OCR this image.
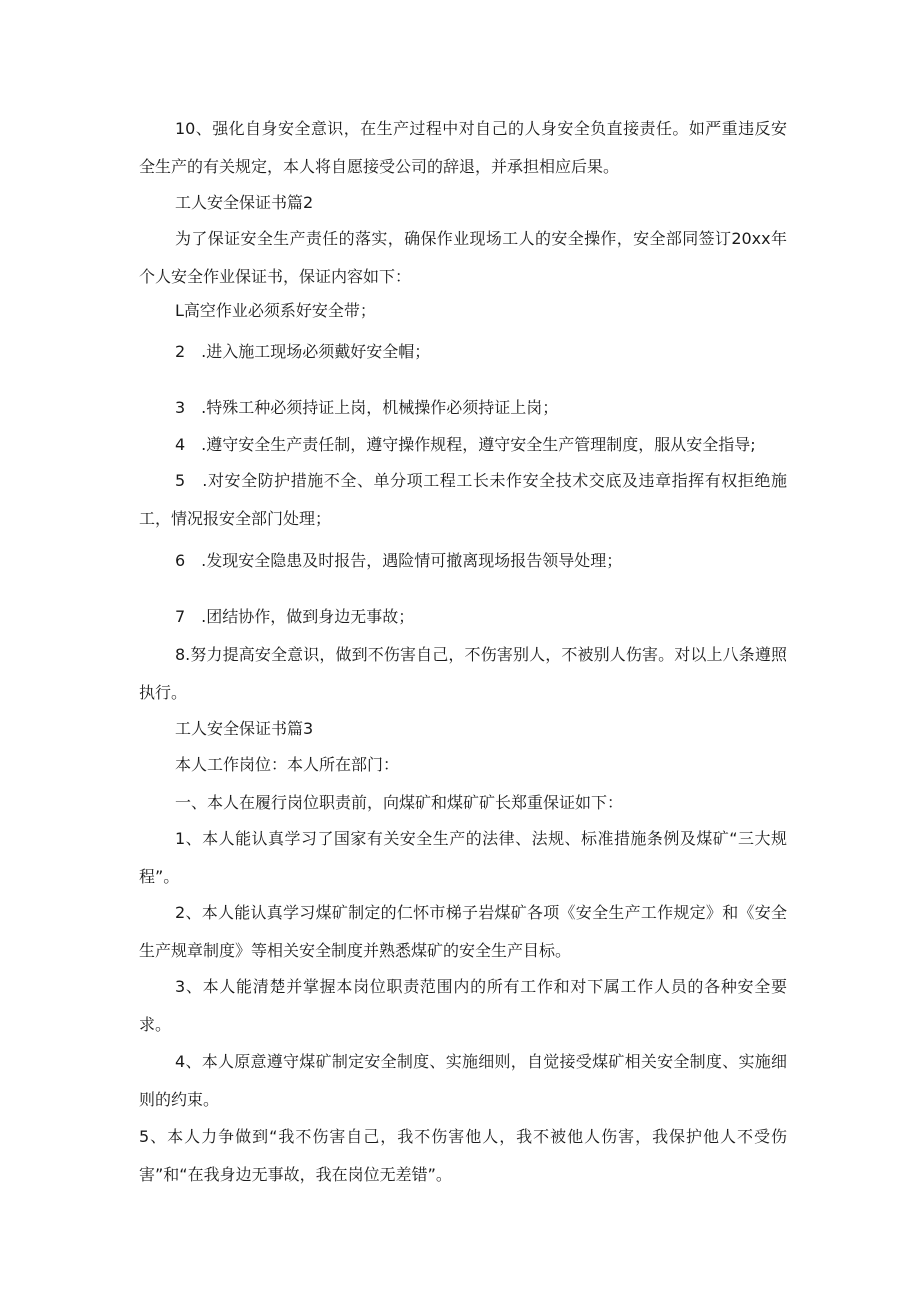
10、强化自身安全意识，在生产过程中对自己的人身安全负直接责任。如严重违反安全生产的有关规定，本人将自愿接受公司的辞退，并承担相应后果。

工人安全保证书篇2

为了保证安全生产责任的落实，确保作业现场工人的安全操作，安全部同签订20xx年个人安全作业保证书，保证内容如下：

L高空作业必须系好安全带；

2　.进入施工现场必须戴好安全帽；

3　.特殊工种必须持证上岗，机械操作必须持证上岗；

4　.遵守安全生产责任制，遵守操作规程，遵守安全生产管理制度，服从安全指导;

5　.对安全防护措施不全、单分项工程工长未作安全技术交底及违章指挥有权拒绝施工，情况报安全部门处理；

6　.发现安全隐患及时报告，遇险情可撤离现场报告领导处理；

7　.团结协作，做到身边无事故；

8.努力提高安全意识，做到不伤害自己，不伤害别人，不被别人伤害。对以上八条遵照执行。

工人安全保证书篇3

本人工作岗位：本人所在部门：

一、本人在履行岗位职责前，向煤矿和煤矿矿长郑重保证如下：

1、本人能认真学习了国家有关安全生产的法律、法规、标准措施条例及煤矿“三大规程”。

2、本人能认真学习煤矿制定的仁怀市梯子岩煤矿各项《安全生产工作规定》和《安全生产规章制度》等相关安全制度并熟悉煤矿的安全生产目标。

3、本人能清楚并掌握本岗位职责范围内的所有工作和对下属工作人员的各种安全要求。

4、本人原意遵守煤矿制定安全制度、实施细则，自觉接受煤矿相关安全制度、实施细则的约束。

5、本人力争做到“我不伤害自己，我不伤害他人，我不被他人伤害，我保护他人不受伤害”和“在我身边无事故，我在岗位无差错”。
